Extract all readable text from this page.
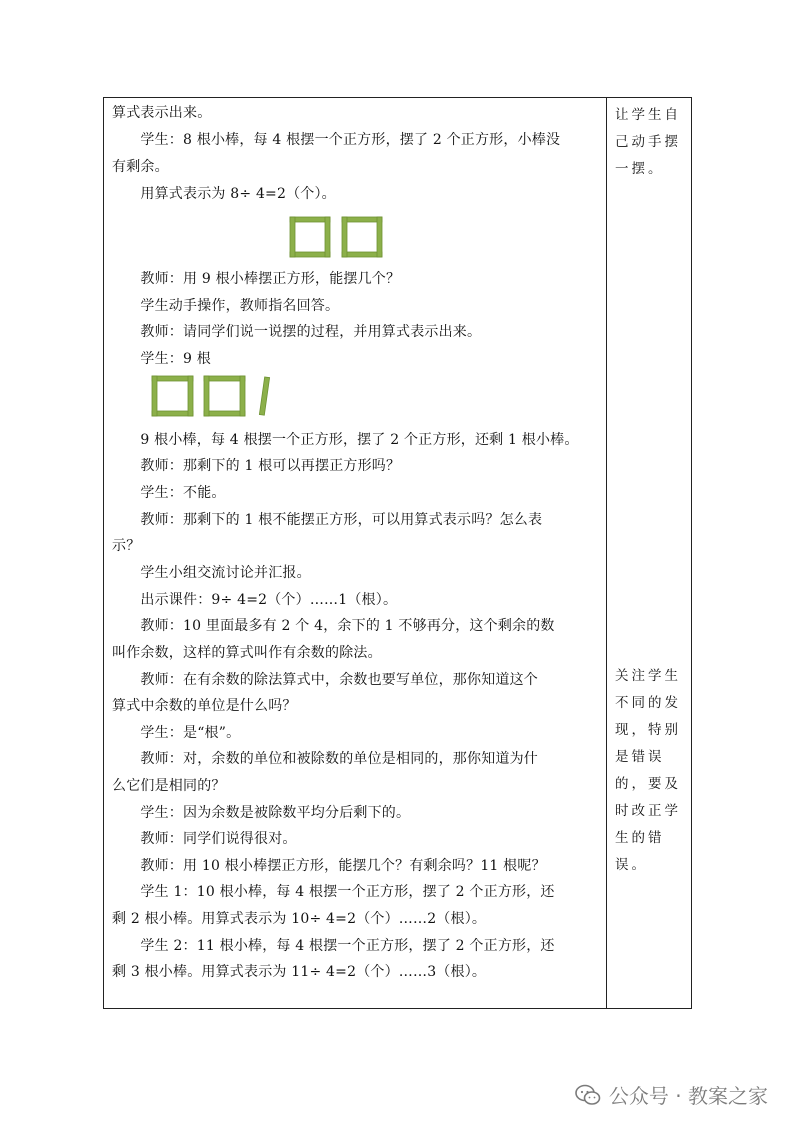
算式表示出来。
　　学生：8 根小棒，每 4 根摆一个正方形，摆了 2 个正方形，小棒没
有剩余。
　　用算式表示为 8÷ 4=2（个）。
　　教师：用 9 根小棒摆正方形，能摆几个？
　　学生动手操作，教师指名回答。
　　教师：请同学们说一说摆的过程，并用算式表示出来。
　　学生：9 根
　　9 根小棒，每 4 根摆一个正方形，摆了 2 个正方形，还剩 1 根小棒。
　　教师：那剩下的 1 根可以再摆正方形吗？
　　学生：不能。
　　教师：那剩下的 1 根不能摆正方形，可以用算式表示吗？怎么表
示？
　　学生小组交流讨论并汇报。
　　出示课件：9÷ 4=2（个）……1（根）。
　　教师：10 里面最多有 2 个 4，余下的 1 不够再分，这个剩余的数
叫作余数，这样的算式叫作有余数的除法。
　　教师：在有余数的除法算式中，余数也要写单位，那你知道这个
算式中余数的单位是什么吗？
　　学生：是“根”。
　　教师：对，余数的单位和被除数的单位是相同的，那你知道为什
么它们是相同的？
　　学生：因为余数是被除数平均分后剩下的。
　　教师：同学们说得很对。
　　教师：用 10 根小棒摆正方形，能摆几个？有剩余吗？11 根呢？
　　学生 1：10 根小棒，每 4 根摆一个正方形，摆了 2 个正方形，还
剩 2 根小棒。用算式表示为 10÷ 4=2（个）……2（根）。
　　学生 2：11 根小棒，每 4 根摆一个正方形，摆了 2 个正方形，还
剩 3 根小棒。用算式表示为 11÷ 4=2（个）……3（根）。
让学生自
己动手摆
一摆。
关注学生
不同的发
现，特别
是错误
的，要及
时改正学
生的错
误。
公众号 · 教案之家
